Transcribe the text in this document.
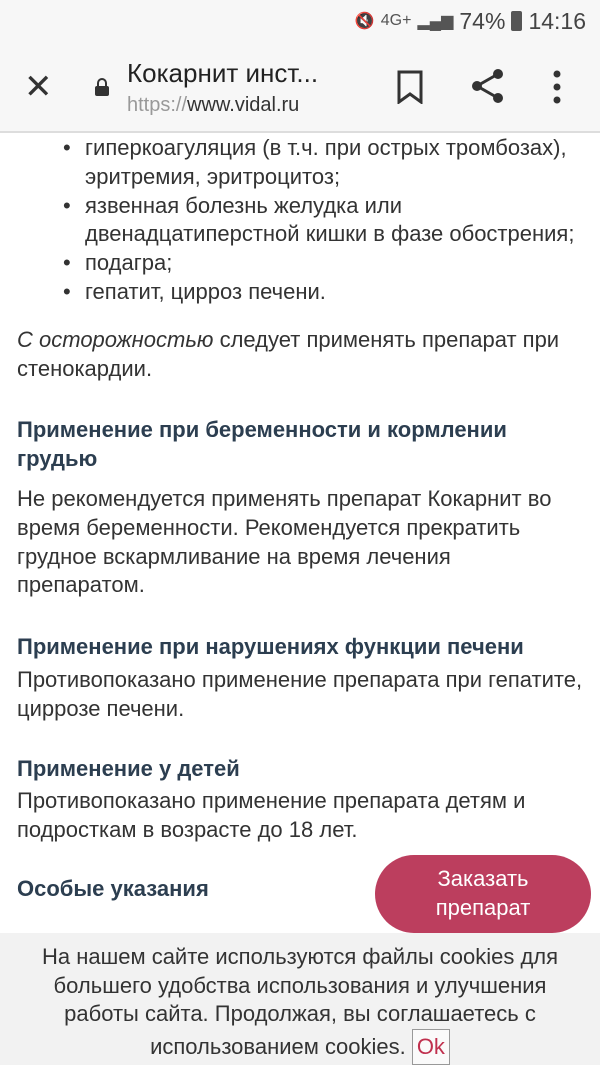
🔇 4G+ ▂▄▆ 74% 14:16
✕	Кокарнит инст...
https://www.vidal.ru
• гиперкоагуляция (в т.ч. при острых тромбозах), эритремия, эритроцитоз;
• язвенная болезнь желудка или двенадцатиперстной кишки в фазе обострения;
• подагра;
• гепатит, цирроз печени.

С осторожностью следует применять препарат при стенокардии.

Применение при беременности и кормлении грудью

Не рекомендуется применять препарат Кокарнит во время беременности. Рекомендуется прекратить грудное вскармливание на время лечения препаратом.

Применение при нарушениях функции печени

Противопоказано применение препарата при гепатите, циррозе печени.

Применение у детей

Противопоказано применение препарата детям и подросткам в возрасте до 18 лет.

Особые указания	Заказать
препарат
На нашем сайте используются файлы cookies для большего удобства использования и улучшения работы сайта. Продолжая, вы соглашаетесь с использованием cookies. Ok
